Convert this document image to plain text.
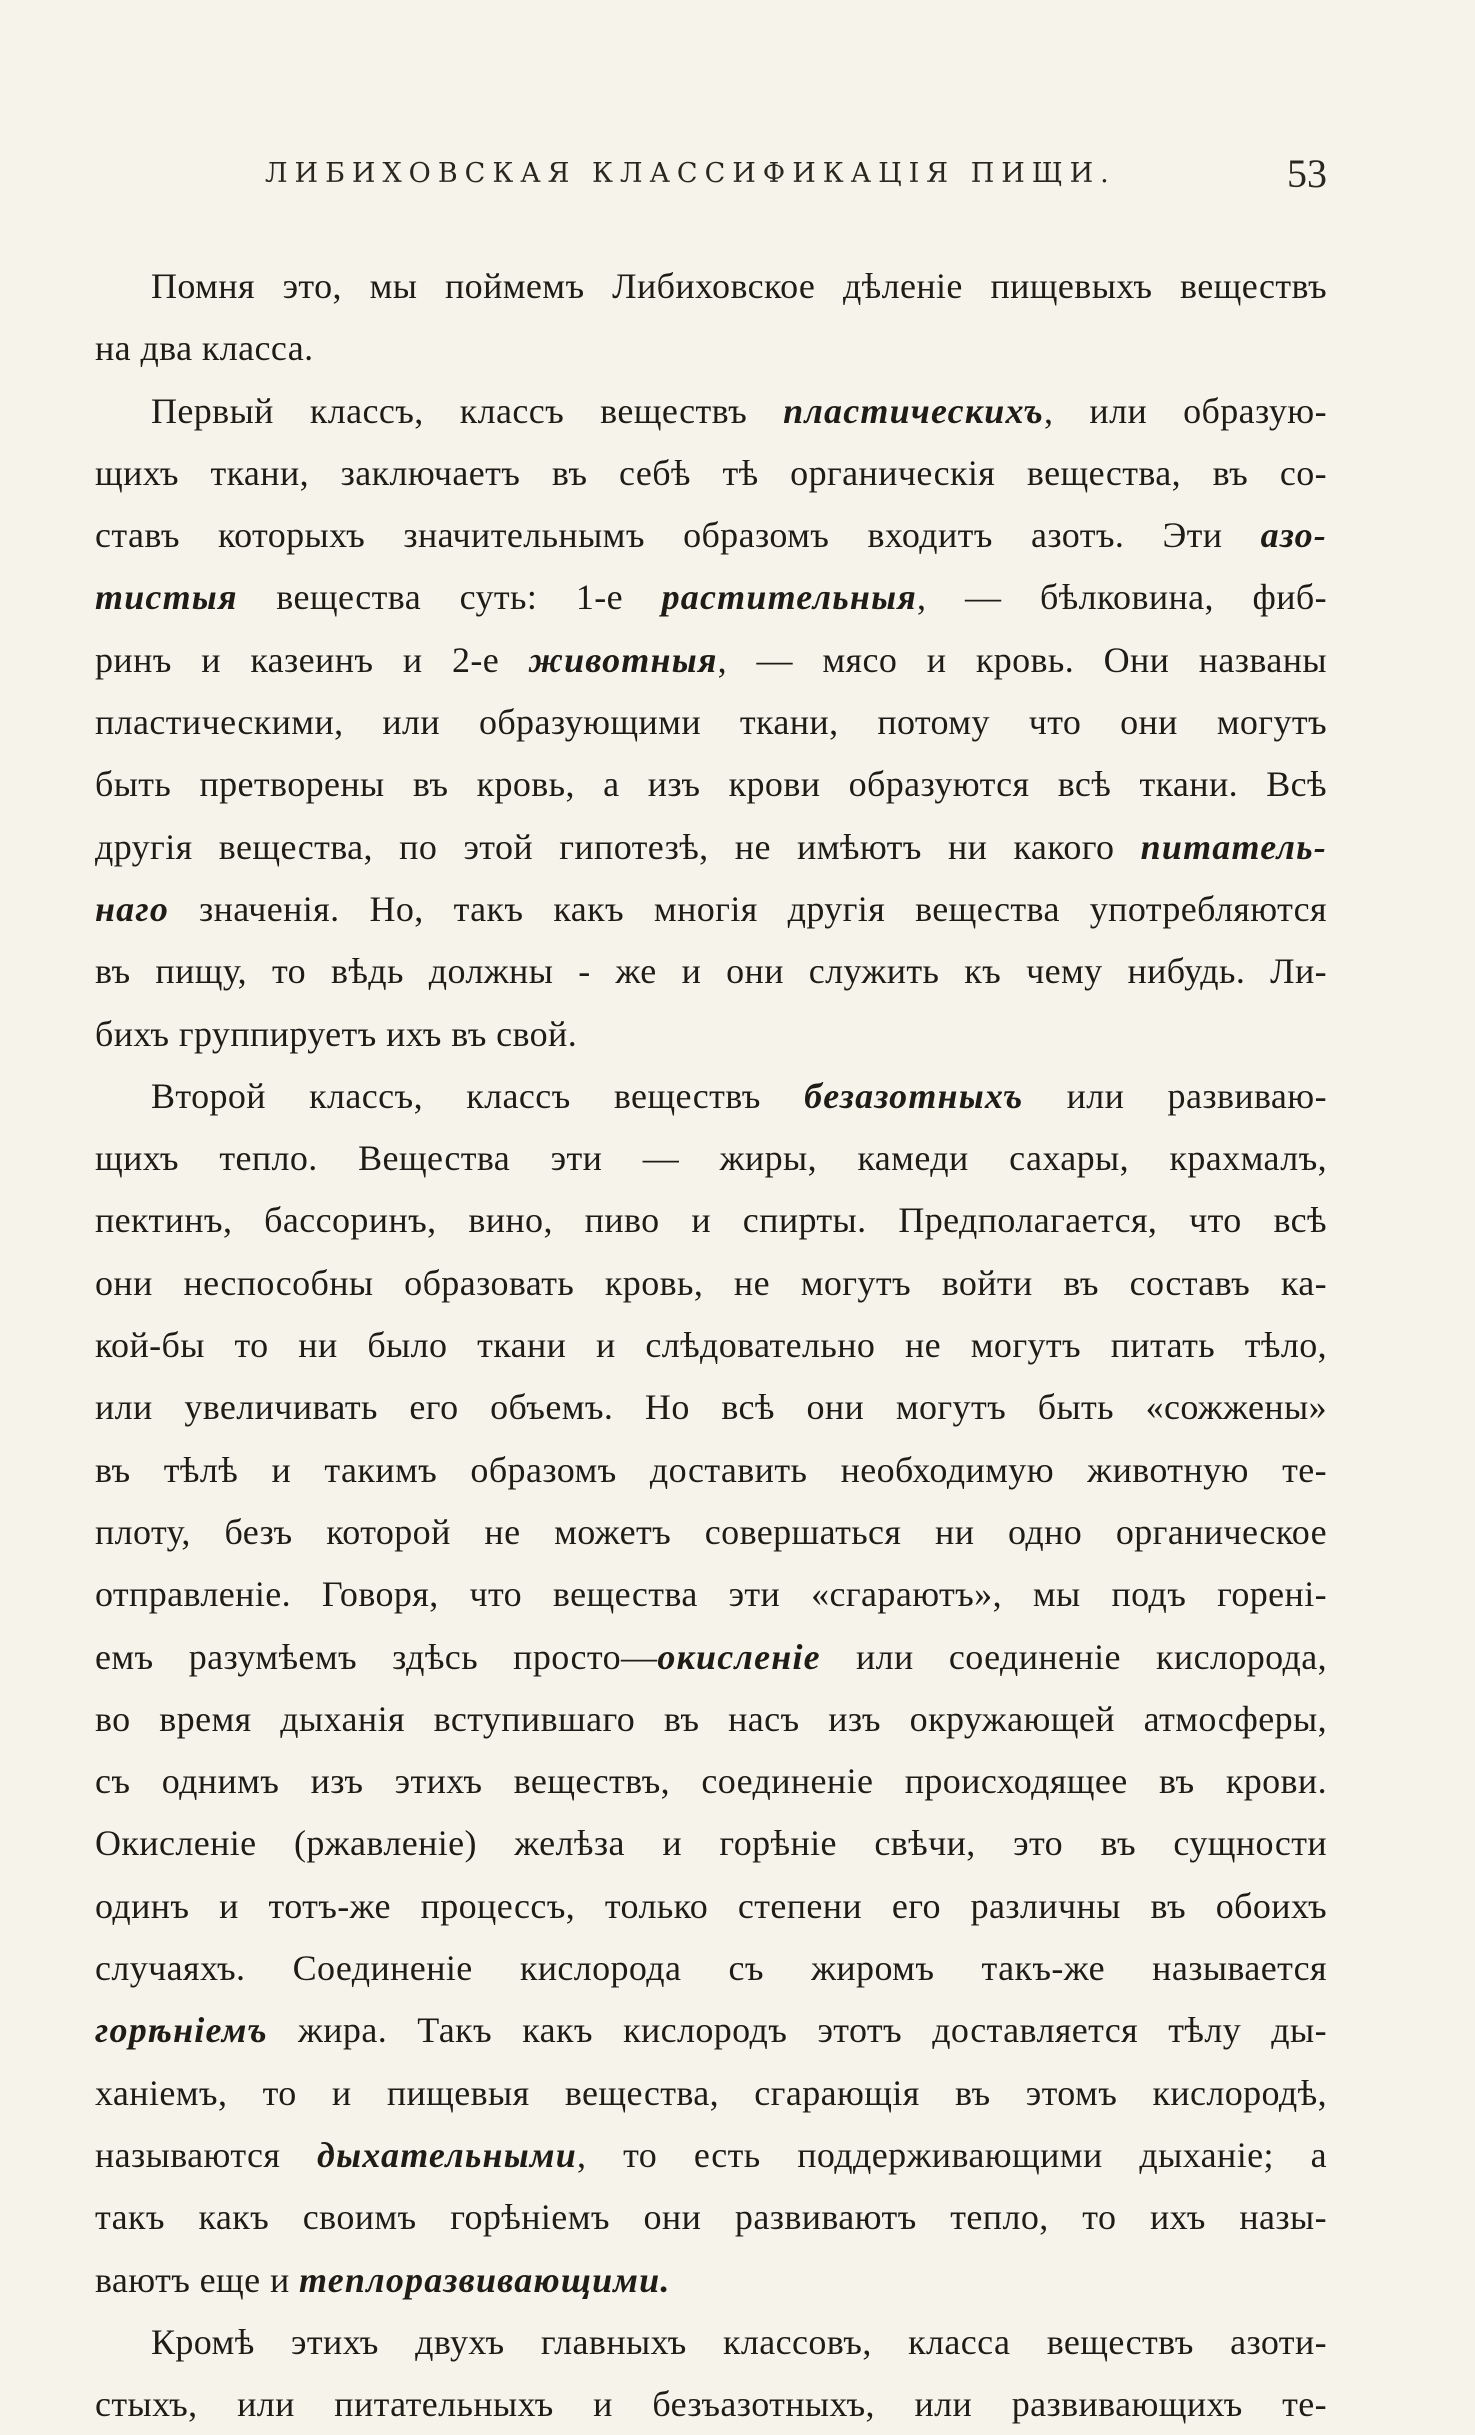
ЛИБИХОВСКАЯ КЛАССИФИКАЦІЯ ПИЩИ.	53
Помня это, мы поймемъ Либиховское дѣленіе пищевыхъ веществъ
на два класса.
Первый классъ, классъ веществъ пластическихъ, или образую-
щихъ ткани, заключаетъ въ себѣ тѣ органическія вещества, въ со-
ставъ которыхъ значительнымъ образомъ входитъ азотъ. Эти азо-
тистыя вещества суть: 1-е растительныя, — бѣлковина, фиб-
ринъ и казеинъ и 2-е животныя, — мясо и кровь. Они названы
пластическими, или образующими ткани, потому что они могутъ
быть претворены въ кровь, а изъ крови образуются всѣ ткани. Всѣ
другія вещества, по этой гипотезѣ, не имѣютъ ни какого питатель-
наго значенія. Но, такъ какъ многія другія вещества употребляются
въ пищу, то вѣдь должны - же и они служить къ чему нибудь. Ли-
бихъ группируетъ ихъ въ свой.
Второй классъ, классъ веществъ безазотныхъ или развиваю-
щихъ тепло. Вещества эти — жиры, камеди сахары, крахмалъ,
пектинъ, бассоринъ, вино, пиво и спирты. Предполагается, что всѣ
они неспособны образовать кровь, не могутъ войти въ составъ ка-
кой-бы то ни было ткани и слѣдовательно не могутъ питать тѣло,
или увеличивать его объемъ. Но всѣ они могутъ быть «сожжены»
въ тѣлѣ и такимъ образомъ доставить необходимую животную те-
плоту, безъ которой не можетъ совершаться ни одно органическое
отправленіе. Говоря, что вещества эти «сгараютъ», мы подъ горені-
емъ разумѣемъ здѣсь просто—окисленіе или соединеніе кислорода,
во время дыханія вступившаго въ насъ изъ окружающей атмосферы,
съ однимъ изъ этихъ веществъ, соединеніе происходящее въ крови.
Окисленіе (ржавленіе) желѣза и горѣніе свѣчи, это въ сущности
одинъ и тотъ-же процессъ, только степени его различны въ обоихъ
случаяхъ. Соединеніе кислорода съ жиромъ такъ-же называется
горѣніемъ жира. Такъ какъ кислородъ этотъ доставляется тѣлу ды-
ханіемъ, то и пищевыя вещества, сгарающія въ этомъ кислородѣ,
называются дыхательными, то есть поддерживающими дыханіе; а
такъ какъ своимъ горѣніемъ они развиваютъ тепло, то ихъ назы-
ваютъ еще и теплоразвивающими.
Кромѣ этихъ двухъ главныхъ классовъ, класса веществъ азоти-
стыхъ, или питательныхъ и безъазотныхъ, или развивающихъ те-
